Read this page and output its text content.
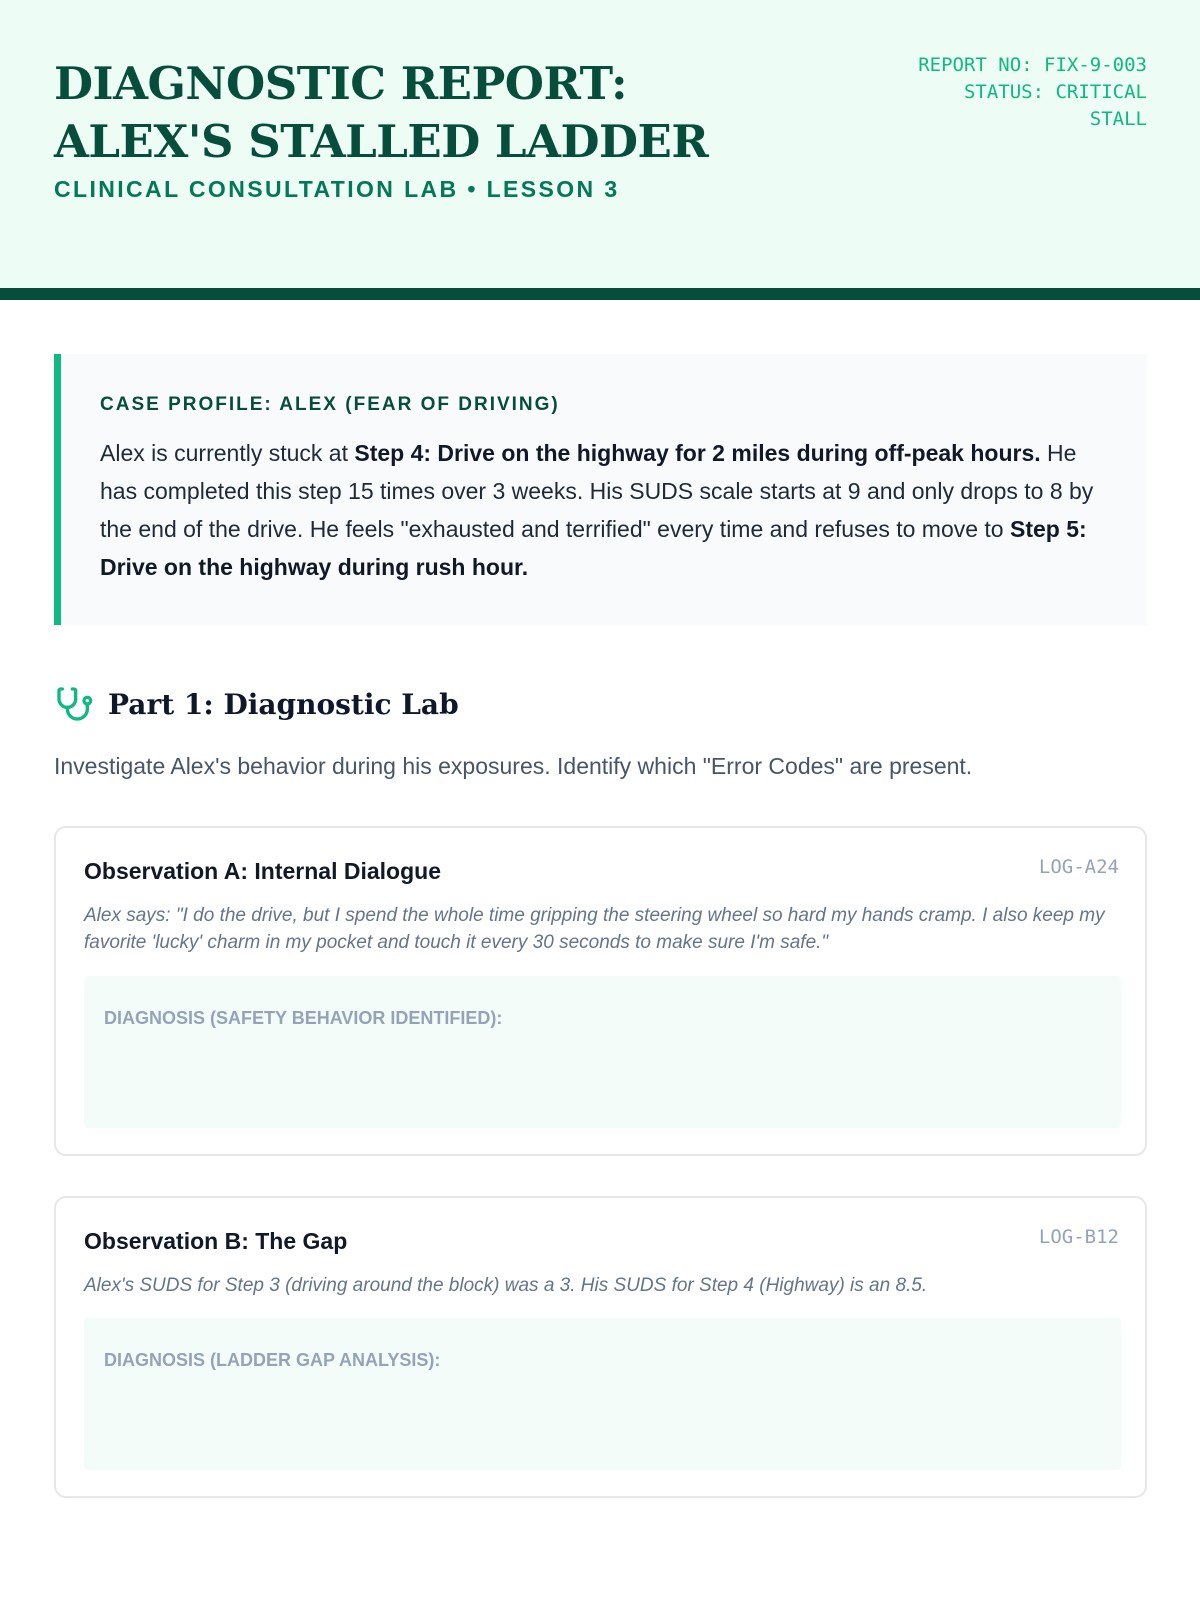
DIAGNOSTIC REPORT: ALEX'S STALLED LADDER
CLINICAL CONSULTATION LAB • LESSON 3
REPORT NO: FIX-9-003
STATUS: CRITICAL STALL
CASE PROFILE: ALEX (FEAR OF DRIVING)

Alex is currently stuck at Step 4: Drive on the highway for 2 miles during off-peak hours. He has completed this step 15 times over 3 weeks. His SUDS scale starts at 9 and only drops to 8 by the end of the drive. He feels "exhausted and terrified" every time and refuses to move to Step 5: Drive on the highway during rush hour.

Part 1: Diagnostic Lab

Investigate Alex's behavior during his exposures. Identify which "Error Codes" are present.

Observation A: Internal Dialogue	LOG-A24

Alex says: "I do the drive, but I spend the whole time gripping the steering wheel so hard my hands cramp. I also keep my favorite 'lucky' charm in my pocket and touch it every 30 seconds to make sure I'm safe."

DIAGNOSIS (SAFETY BEHAVIOR IDENTIFIED):
Observation B: The Gap	LOG-B12

Alex's SUDS for Step 3 (driving around the block) was a 3. His SUDS for Step 4 (Highway) is an 8.5.

DIAGNOSIS (LADDER GAP ANALYSIS):
